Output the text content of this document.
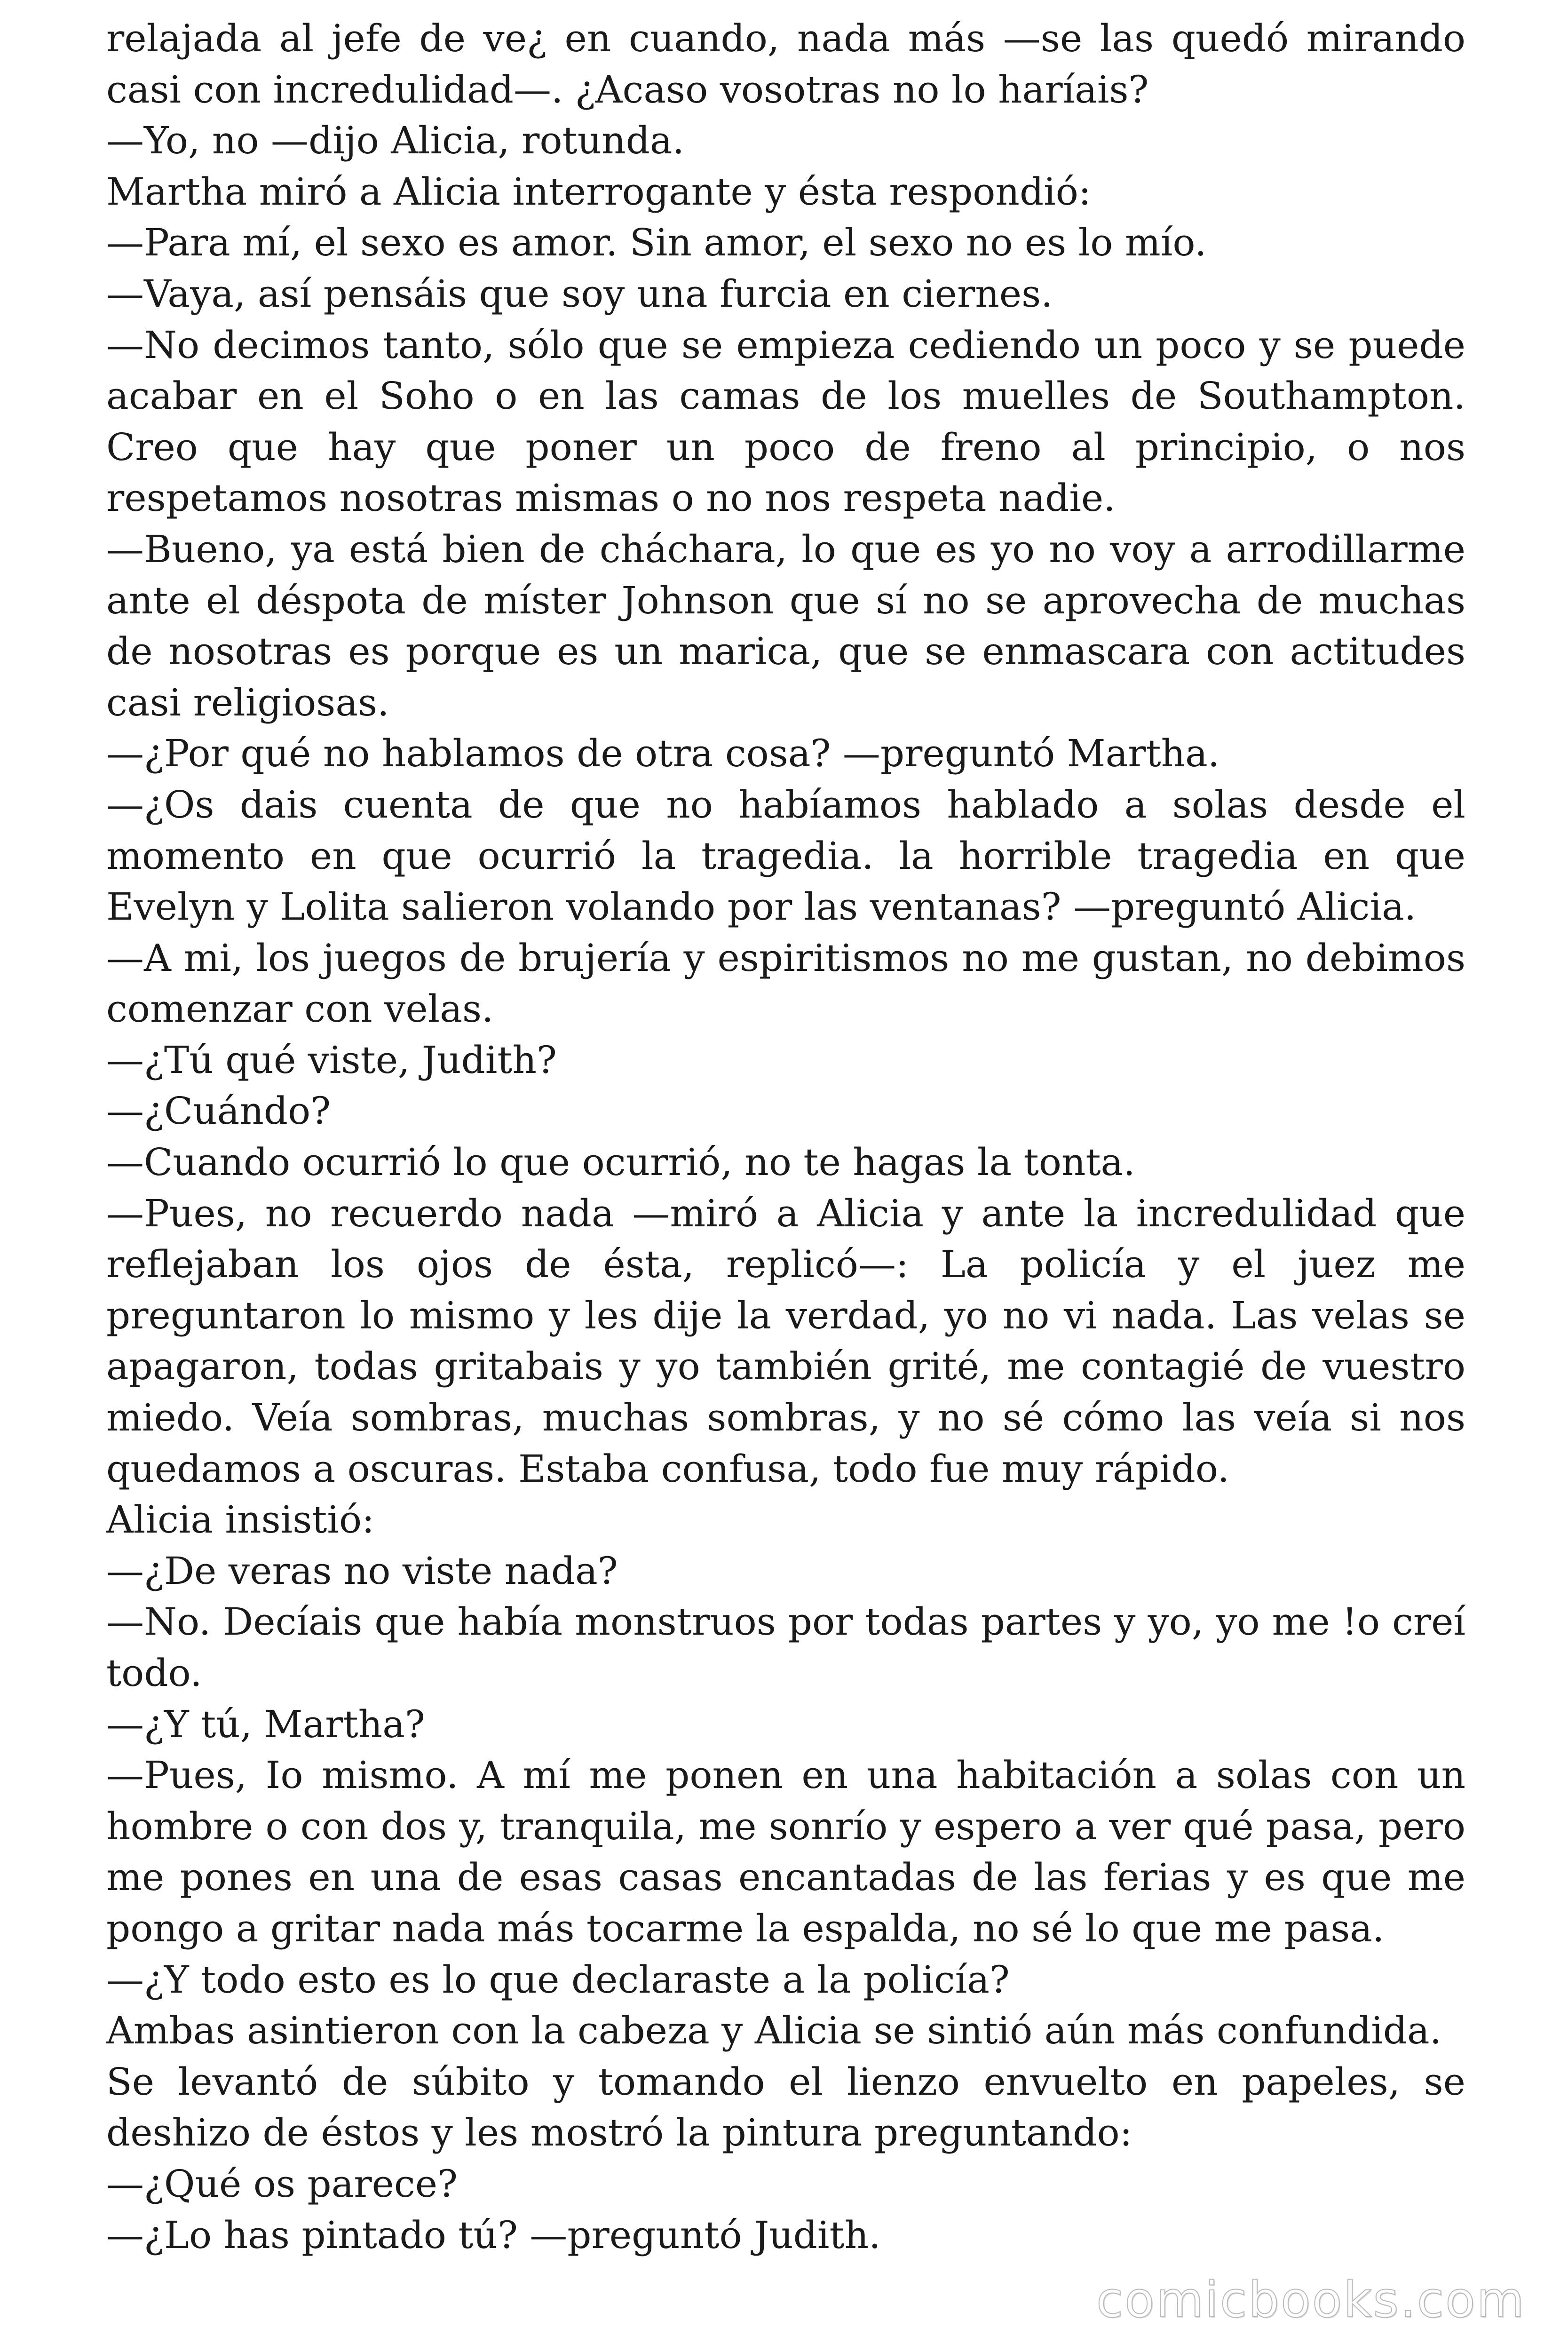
relajada al jefe de ve¿ en cuando, nada más —se las quedó mirando casi con incredulidad—. ¿Acaso vosotras no lo haríais?

—Yo, no —dijo Alicia, rotunda.

Martha miró a Alicia interrogante y ésta respondió:

—Para mí, el sexo es amor. Sin amor, el sexo no es lo mío.

—Vaya, así pensáis que soy una furcia en ciernes.

—No decimos tanto, sólo que se empieza cediendo un poco y se puede acabar en el Soho o en las camas de los muelles de Southampton. Creo que hay que poner un poco de freno al principio, o nos respetamos nosotras mismas o no nos respeta nadie.

—Bueno, ya está bien de cháchara, lo que es yo no voy a arrodillarme ante el déspota de míster Johnson que sí no se aprovecha de muchas de nosotras es porque es un marica, que se enmascara con actitudes casi religiosas.

—¿Por qué no hablamos de otra cosa? —preguntó Martha.

—¿Os dais cuenta de que no habíamos hablado a solas desde el momento en que ocurrió la tragedia. la horrible tragedia en que Evelyn y Lolita salieron volando por las ventanas? —preguntó Alicia.

—A mi, los juegos de brujería y espiritismos no me gustan, no debimos comenzar con velas.

—¿Tú qué viste, Judith?

—¿Cuándo?

—Cuando ocurrió lo que ocurrió, no te hagas la tonta.

—Pues, no recuerdo nada —miró a Alicia y ante la incredulidad que reflejaban los ojos de ésta, replicó—: La policía y el juez me preguntaron lo mismo y les dije la verdad, yo no vi nada. Las velas se apagaron, todas gritabais y yo también grité, me contagié de vuestro miedo. Veía sombras, muchas sombras, y no sé cómo las veía si nos quedamos a oscuras. Estaba confusa, todo fue muy rápido.

Alicia insistió:

—¿De veras no viste nada?

—No. Decíais que había monstruos por todas partes y yo, yo me !o creí todo.

—¿Y tú, Martha?

—Pues, Io mismo. A mí me ponen en una habitación a solas con un hombre o con dos y, tranquila, me sonrío y espero a ver qué pasa, pero me pones en una de esas casas encantadas de las ferias y es que me pongo a gritar nada más tocarme la espalda, no sé lo que me pasa.

—¿Y todo esto es lo que declaraste a la policía?

Ambas asintieron con la cabeza y Alicia se sintió aún más confundida.

Se levantó de súbito y tomando el lienzo envuelto en papeles, se deshizo de éstos y les mostró la pintura preguntando:

—¿Qué os parece?

—¿Lo has pintado tú? —preguntó Judith.

comicbooks.com
